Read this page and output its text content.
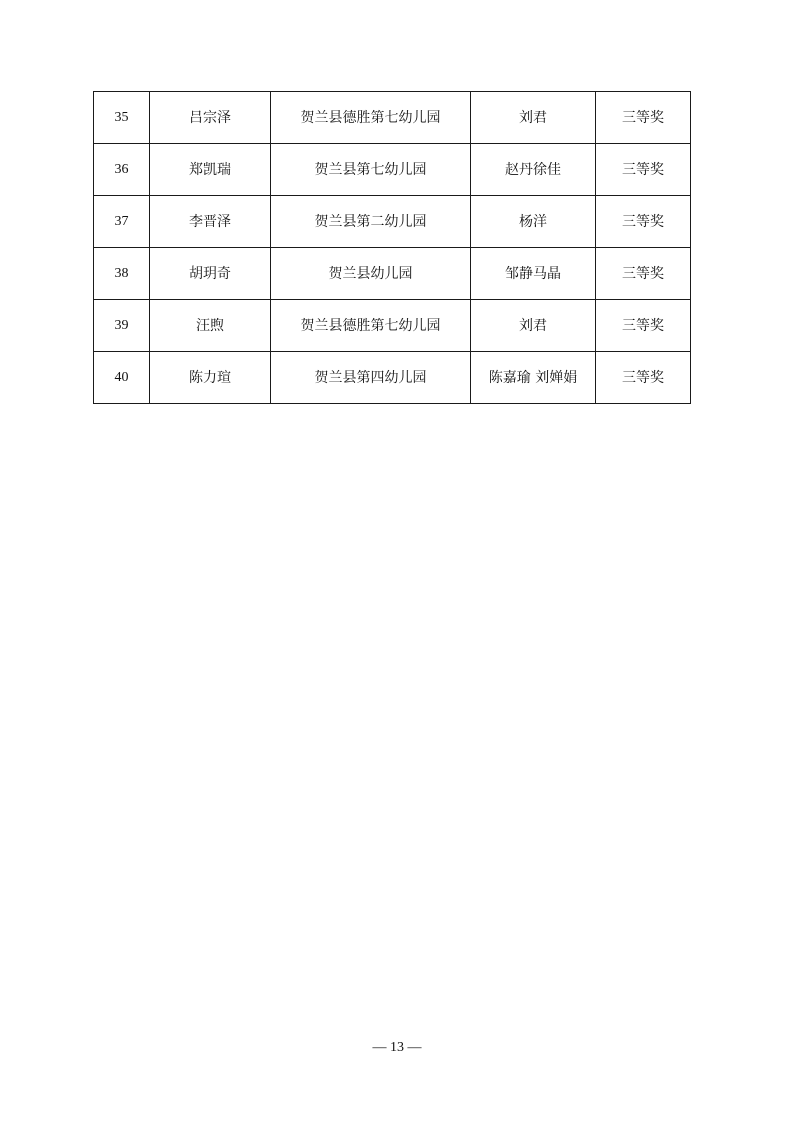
35	吕宗泽	贺兰县德胜第七幼儿园	刘君	三等奖
36	郑凯瑞	贺兰县第七幼儿园	赵丹徐佳	三等奖
37	李晋泽	贺兰县第二幼儿园	杨洋	三等奖
38	胡玥奇	贺兰县幼儿园	邹静马晶	三等奖
39	汪煦	贺兰县德胜第七幼儿园	刘君	三等奖
40	陈力瑄	贺兰县第四幼儿园	陈嘉瑜 刘婵娟	三等奖
— 13 —
